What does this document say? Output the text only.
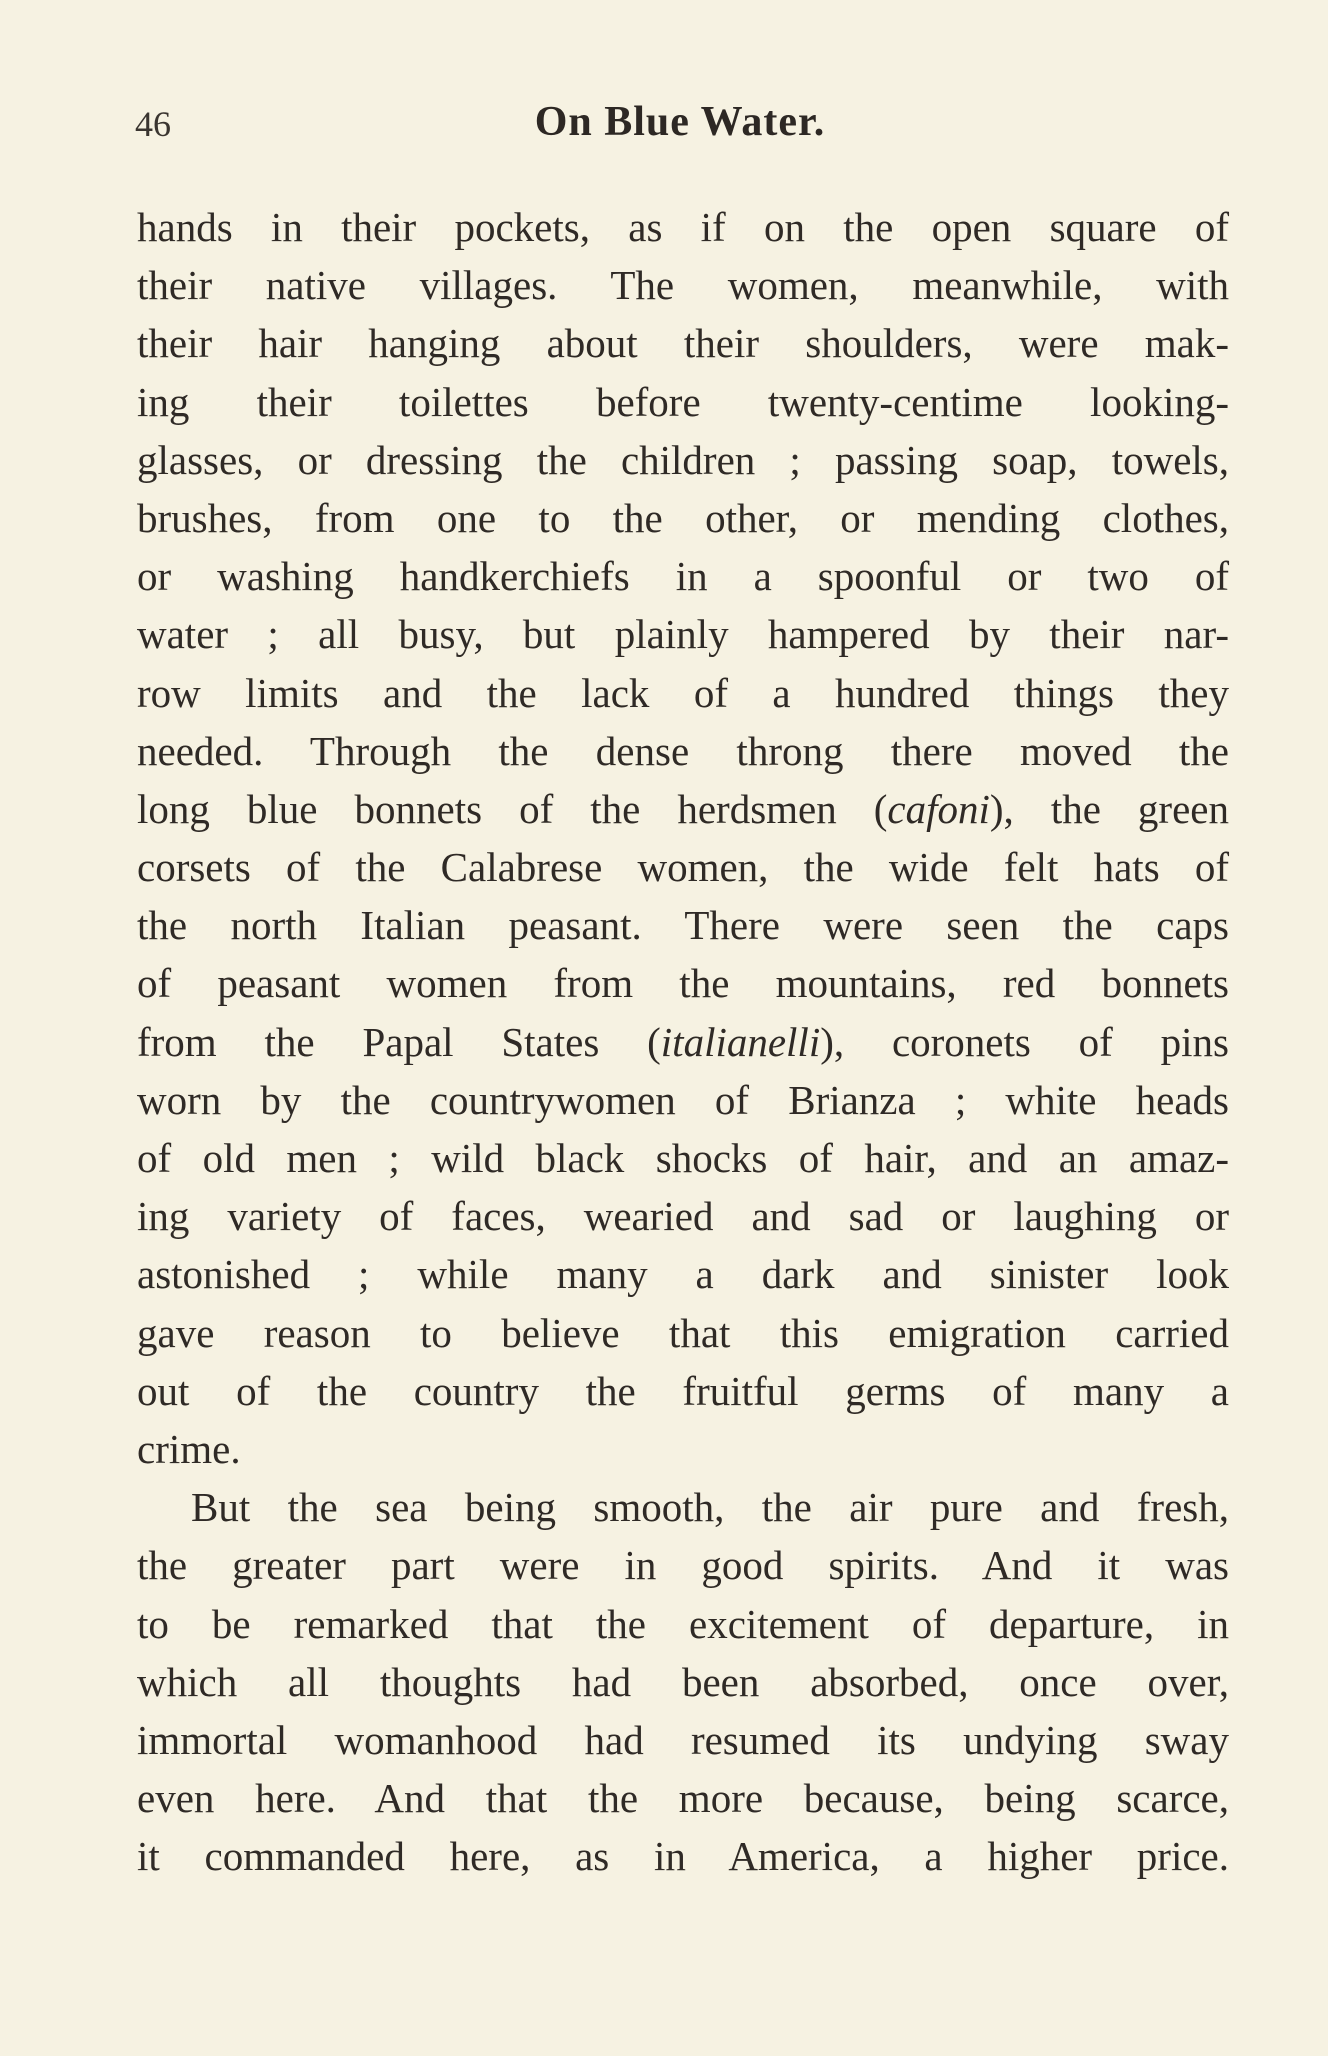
46	On Blue Water.
hands in their pockets, as if on the open square of
their native villages. The women, meanwhile, with
their hair hanging about their shoulders, were mak-
ing their toilettes before twenty-centime looking-
glasses, or dressing the children ; passing soap, towels,
brushes, from one to the other, or mending clothes,
or washing handkerchiefs in a spoonful or two of
water ; all busy, but plainly hampered by their nar-
row limits and the lack of a hundred things they
needed. Through the dense throng there moved the
long blue bonnets of the herdsmen (cafoni), the green
corsets of the Calabrese women, the wide felt hats of
the north Italian peasant. There were seen the caps
of peasant women from the mountains, red bonnets
from the Papal States (italianelli), coronets of pins
worn by the countrywomen of Brianza ; white heads
of old men ; wild black shocks of hair, and an amaz-
ing variety of faces, wearied and sad or laughing or
astonished ; while many a dark and sinister look
gave reason to believe that this emigration carried
out of the country the fruitful germs of many a
crime.
But the sea being smooth, the air pure and fresh,
the greater part were in good spirits. And it was
to be remarked that the excitement of departure, in
which all thoughts had been absorbed, once over,
immortal womanhood had resumed its undying sway
even here. And that the more because, being scarce,
it commanded here, as in America, a higher price.
